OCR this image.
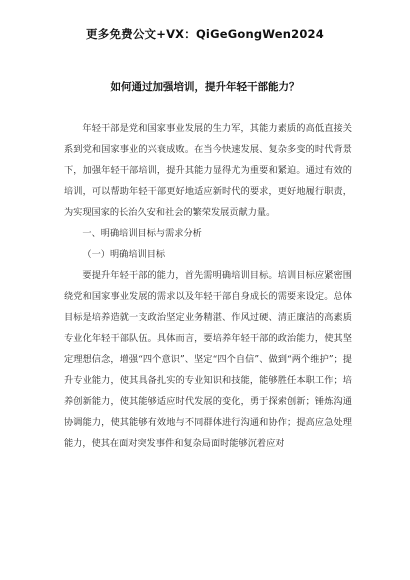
更多免费公文+VX：QiGeGongWen2024
如何通过加强培训，提升年轻干部能力？

年轻干部是党和国家事业发展的生力军，其能力素质的高低直接关系到党和国家事业的兴衰成败。在当今快速发展、复杂多变的时代背景下，加强年轻干部培训，提升其能力显得尤为重要和紧迫。通过有效的培训，可以帮助年轻干部更好地适应新时代的要求，更好地履行职责，为实现国家的长治久安和社会的繁荣发展贡献力量。

一、明确培训目标与需求分析

（一）明确培训目标

要提升年轻干部的能力，首先需明确培训目标。培训目标应紧密围绕党和国家事业发展的需求以及年轻干部自身成长的需要来设定。总体目标是培养造就一支政治坚定业务精湛、作风过硬、清正廉洁的高素质专业化年轻干部队伍。具体而言，要培养年轻干部的政治能力，使其坚定理想信念，增强“四个意识”、坚定“四个自信”、做到“两个维护”；提升专业能力，使其具备扎实的专业知识和技能，能够胜任本职工作；培养创新能力，使其能够适应时代发展的变化，勇于探索创新；锤炼沟通协调能力，使其能够有效地与不同群体进行沟通和协作；提高应急处理能力，使其在面对突发事件和复杂局面时能够沉着应对
